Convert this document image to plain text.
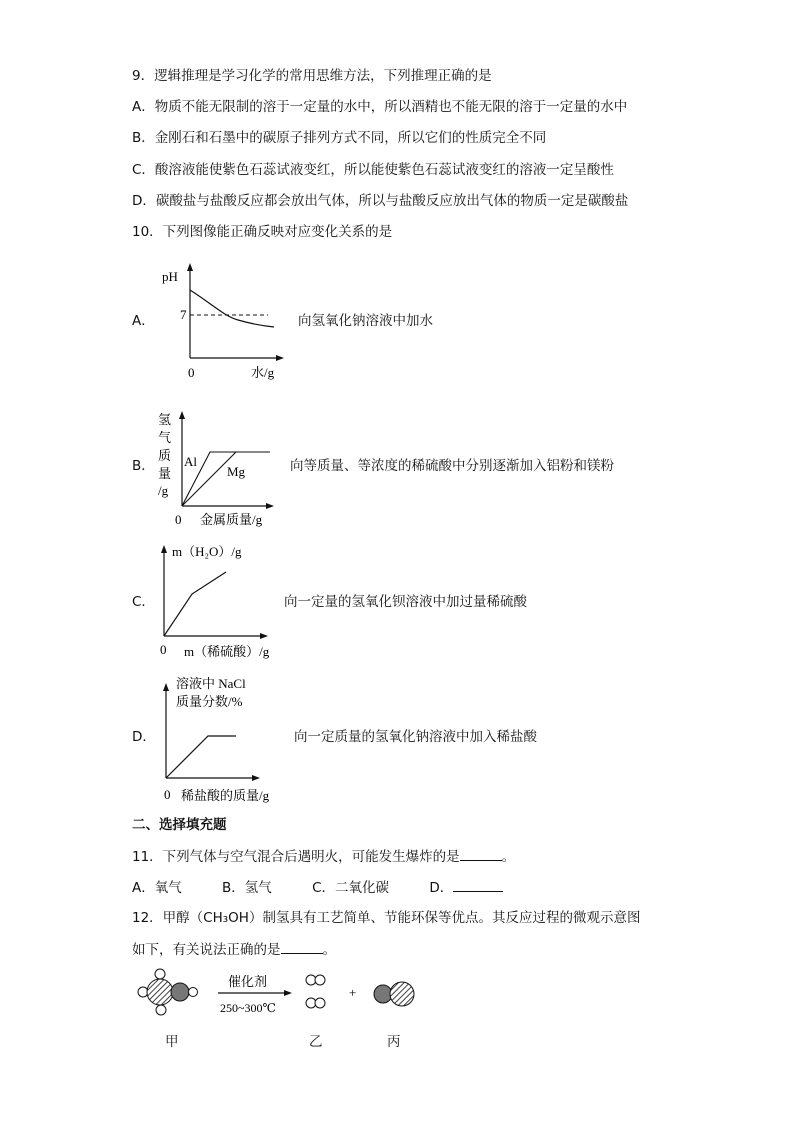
9．逻辑推理是学习化学的常用思维方法，下列推理正确的是
A．物质不能无限制的溶于一定量的水中，所以酒精也不能无限的溶于一定量的水中
B．金刚石和石墨中的碳原子排列方式不同，所以它们的性质完全不同
C．酸溶液能使紫色石蕊试液变红，所以能使紫色石蕊试液变红的溶液一定呈酸性
D．碳酸盐与盐酸反应都会放出气体，所以与盐酸反应放出气体的物质一定是碳酸盐
10．下列图像能正确反映对应变化关系的是
A．
pH
7
0	水/g
向氢氧化钠溶液中加水
B．
氢
气
质
量
/g
Al
Mg
0 金属质量/g
向等质量、等浓度的稀硫酸中分别逐渐加入铝粉和镁粉
C．
m（H₂O）/g
0 m（稀硫酸）/g
向一定量的氢氧化钡溶液中加过量稀硫酸
D．
溶液中 NaCl
质量分数/%
0 稀盐酸的质量/g
向一定质量的氢氧化钠溶液中加入稀盐酸
二、选择填充题
11．下列气体与空气混合后遇明火，可能发生爆炸的是	。
A．氧气	B．氢气	C．二氧化碳	D．
12．甲醇（CH₃OH）制氢具有工艺简单、节能环保等优点。其反应过程的微观示意图
如下，有关说法正确的是	。
催化剂
250~300℃
+
甲	乙	丙
